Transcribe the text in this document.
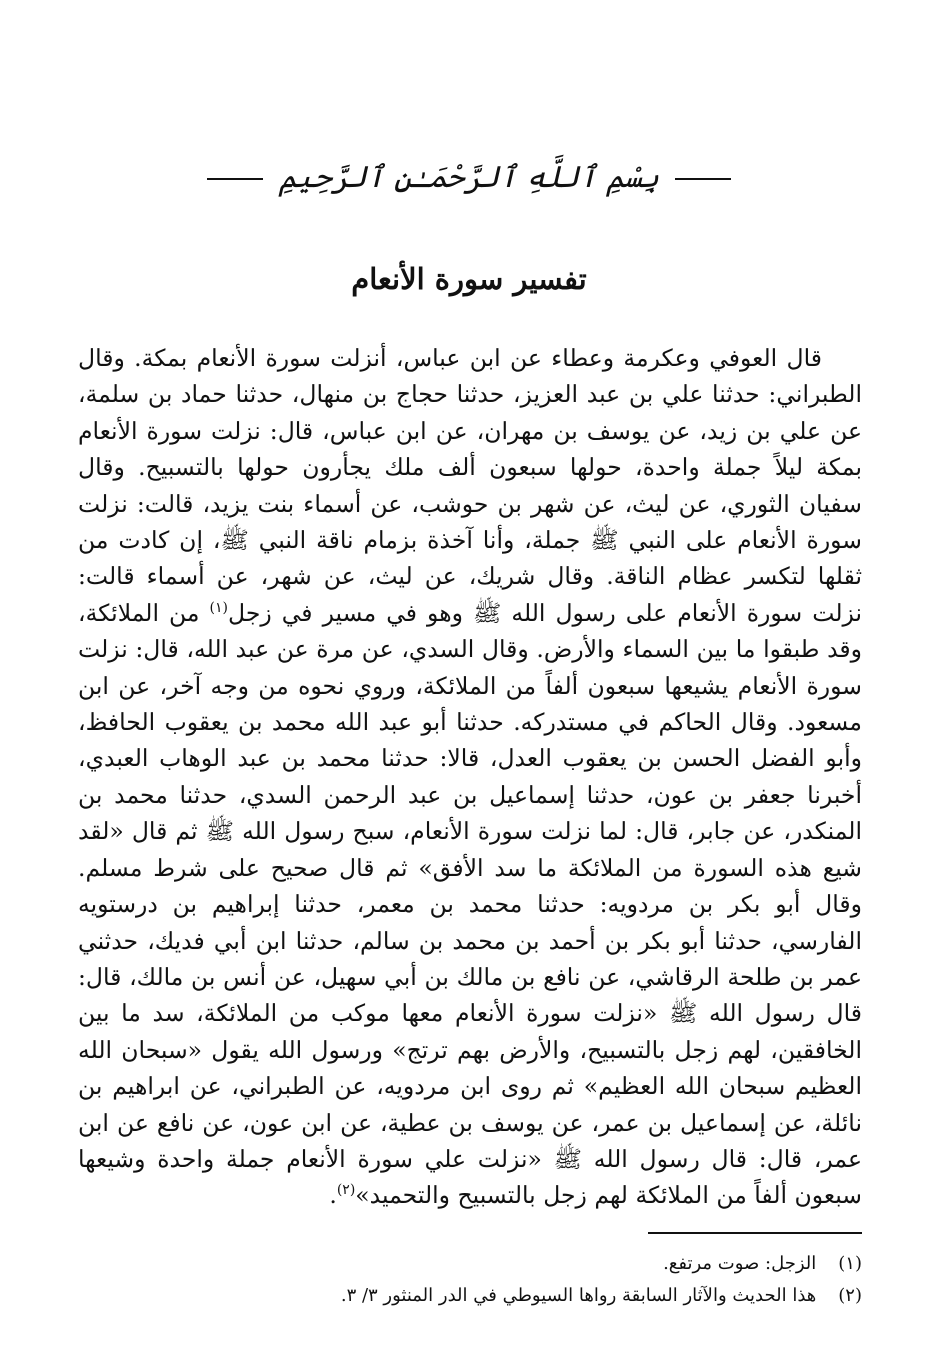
بِسْمِ ٱللَّهِ ٱلرَّحْمَـٰنِ ٱلرَّحِيمِ
تفسير سورة الأنعام

قال العوفي وعكرمة وعطاء عن ابن عباس، أنزلت سورة الأنعام بمكة. وقال الطبراني: حدثنا علي بن عبد العزيز، حدثنا حجاج بن منهال، حدثنا حماد بن سلمة، عن علي بن زيد، عن يوسف بن مهران، عن ابن عباس، قال: نزلت سورة الأنعام بمكة ليلاً جملة واحدة، حولها سبعون ألف ملك يجأرون حولها بالتسبيح. وقال سفيان الثوري، عن ليث، عن شهر بن حوشب، عن أسماء بنت يزيد، قالت: نزلت سورة الأنعام على النبي ﷺ جملة، وأنا آخذة بزمام ناقة النبي ﷺ، إن كادت من ثقلها لتكسر عظام الناقة. وقال شريك، عن ليث، عن شهر، عن أسماء قالت: نزلت سورة الأنعام على رسول الله ﷺ وهو في مسير في زجل$^{(١)}$ من الملائكة، وقد طبقوا ما بين السماء والأرض. وقال السدي، عن مرة عن عبد الله، قال: نزلت سورة الأنعام يشيعها سبعون ألفاً من الملائكة، وروي نحوه من وجه آخر، عن ابن مسعود. وقال الحاكم في مستدركه. حدثنا أبو عبد الله محمد بن يعقوب الحافظ، وأبو الفضل الحسن بن يعقوب العدل، قالا: حدثنا محمد بن عبد الوهاب العبدي، أخبرنا جعفر بن عون، حدثنا إسماعيل بن عبد الرحمن السدي، حدثنا محمد بن المنكدر، عن جابر، قال: لما نزلت سورة الأنعام، سبح رسول الله ﷺ ثم قال «لقد شيع هذه السورة من الملائكة ما سد الأفق» ثم قال صحيح على شرط مسلم. وقال أبو بكر بن مردويه: حدثنا محمد بن معمر، حدثنا إبراهيم بن درستويه الفارسي، حدثنا أبو بكر بن أحمد بن محمد بن سالم، حدثنا ابن أبي فديك، حدثني عمر بن طلحة الرقاشي، عن نافع بن مالك بن أبي سهيل، عن أنس بن مالك، قال: قال رسول الله ﷺ «نزلت سورة الأنعام معها موكب من الملائكة، سد ما بين الخافقين، لهم زجل بالتسبيح، والأرض بهم ترتج» ورسول الله يقول «سبحان الله العظيم سبحان الله العظيم» ثم روى ابن مردويه، عن الطبراني، عن ابراهيم بن نائلة، عن إسماعيل بن عمر، عن يوسف بن عطية، عن ابن عون، عن نافع عن ابن عمر، قال: قال رسول الله ﷺ «نزلت علي سورة الأنعام جملة واحدة وشيعها سبعون ألفاً من الملائكة لهم زجل بالتسبيح والتحميد»$^{(٢)}$.

(١) الزجل: صوت مرتفع.
(٢) هذا الحديث والآثار السابقة رواها السيوطي في الدر المنثور ٣/ ٣.
